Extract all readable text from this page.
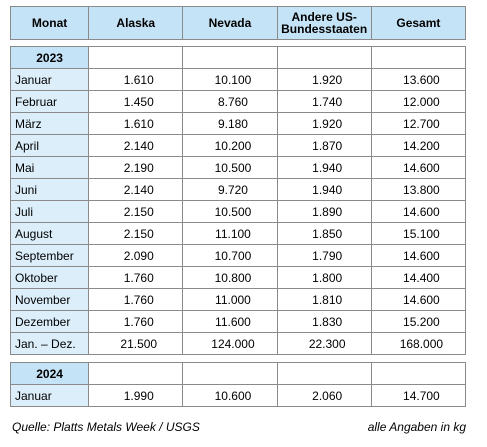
Monat	Alaska	Nevada	Andere US-Bundesstaaten	Gesamt
2023				
Januar	1.610	10.100	1.920	13.600
Februar	1.450	8.760	1.740	12.000
März	1.610	9.180	1.920	12.700
April	2.140	10.200	1.870	14.200
Mai	2.190	10.500	1.940	14.600
Juni	2.140	9.720	1.940	13.800
Juli	2.150	10.500	1.890	14.600
August	2.150	11.100	1.850	15.100
September	2.090	10.700	1.790	14.600
Oktober	1.760	10.800	1.800	14.400
November	1.760	11.000	1.810	14.600
Dezember	1.760	11.600	1.830	15.200
Jan. – Dez.	21.500	124.000	22.300	168.000
2024				
Januar	1.990	10.600	2.060	14.700
Quelle: Platts Metals Week / USGS	alle Angaben in kg
